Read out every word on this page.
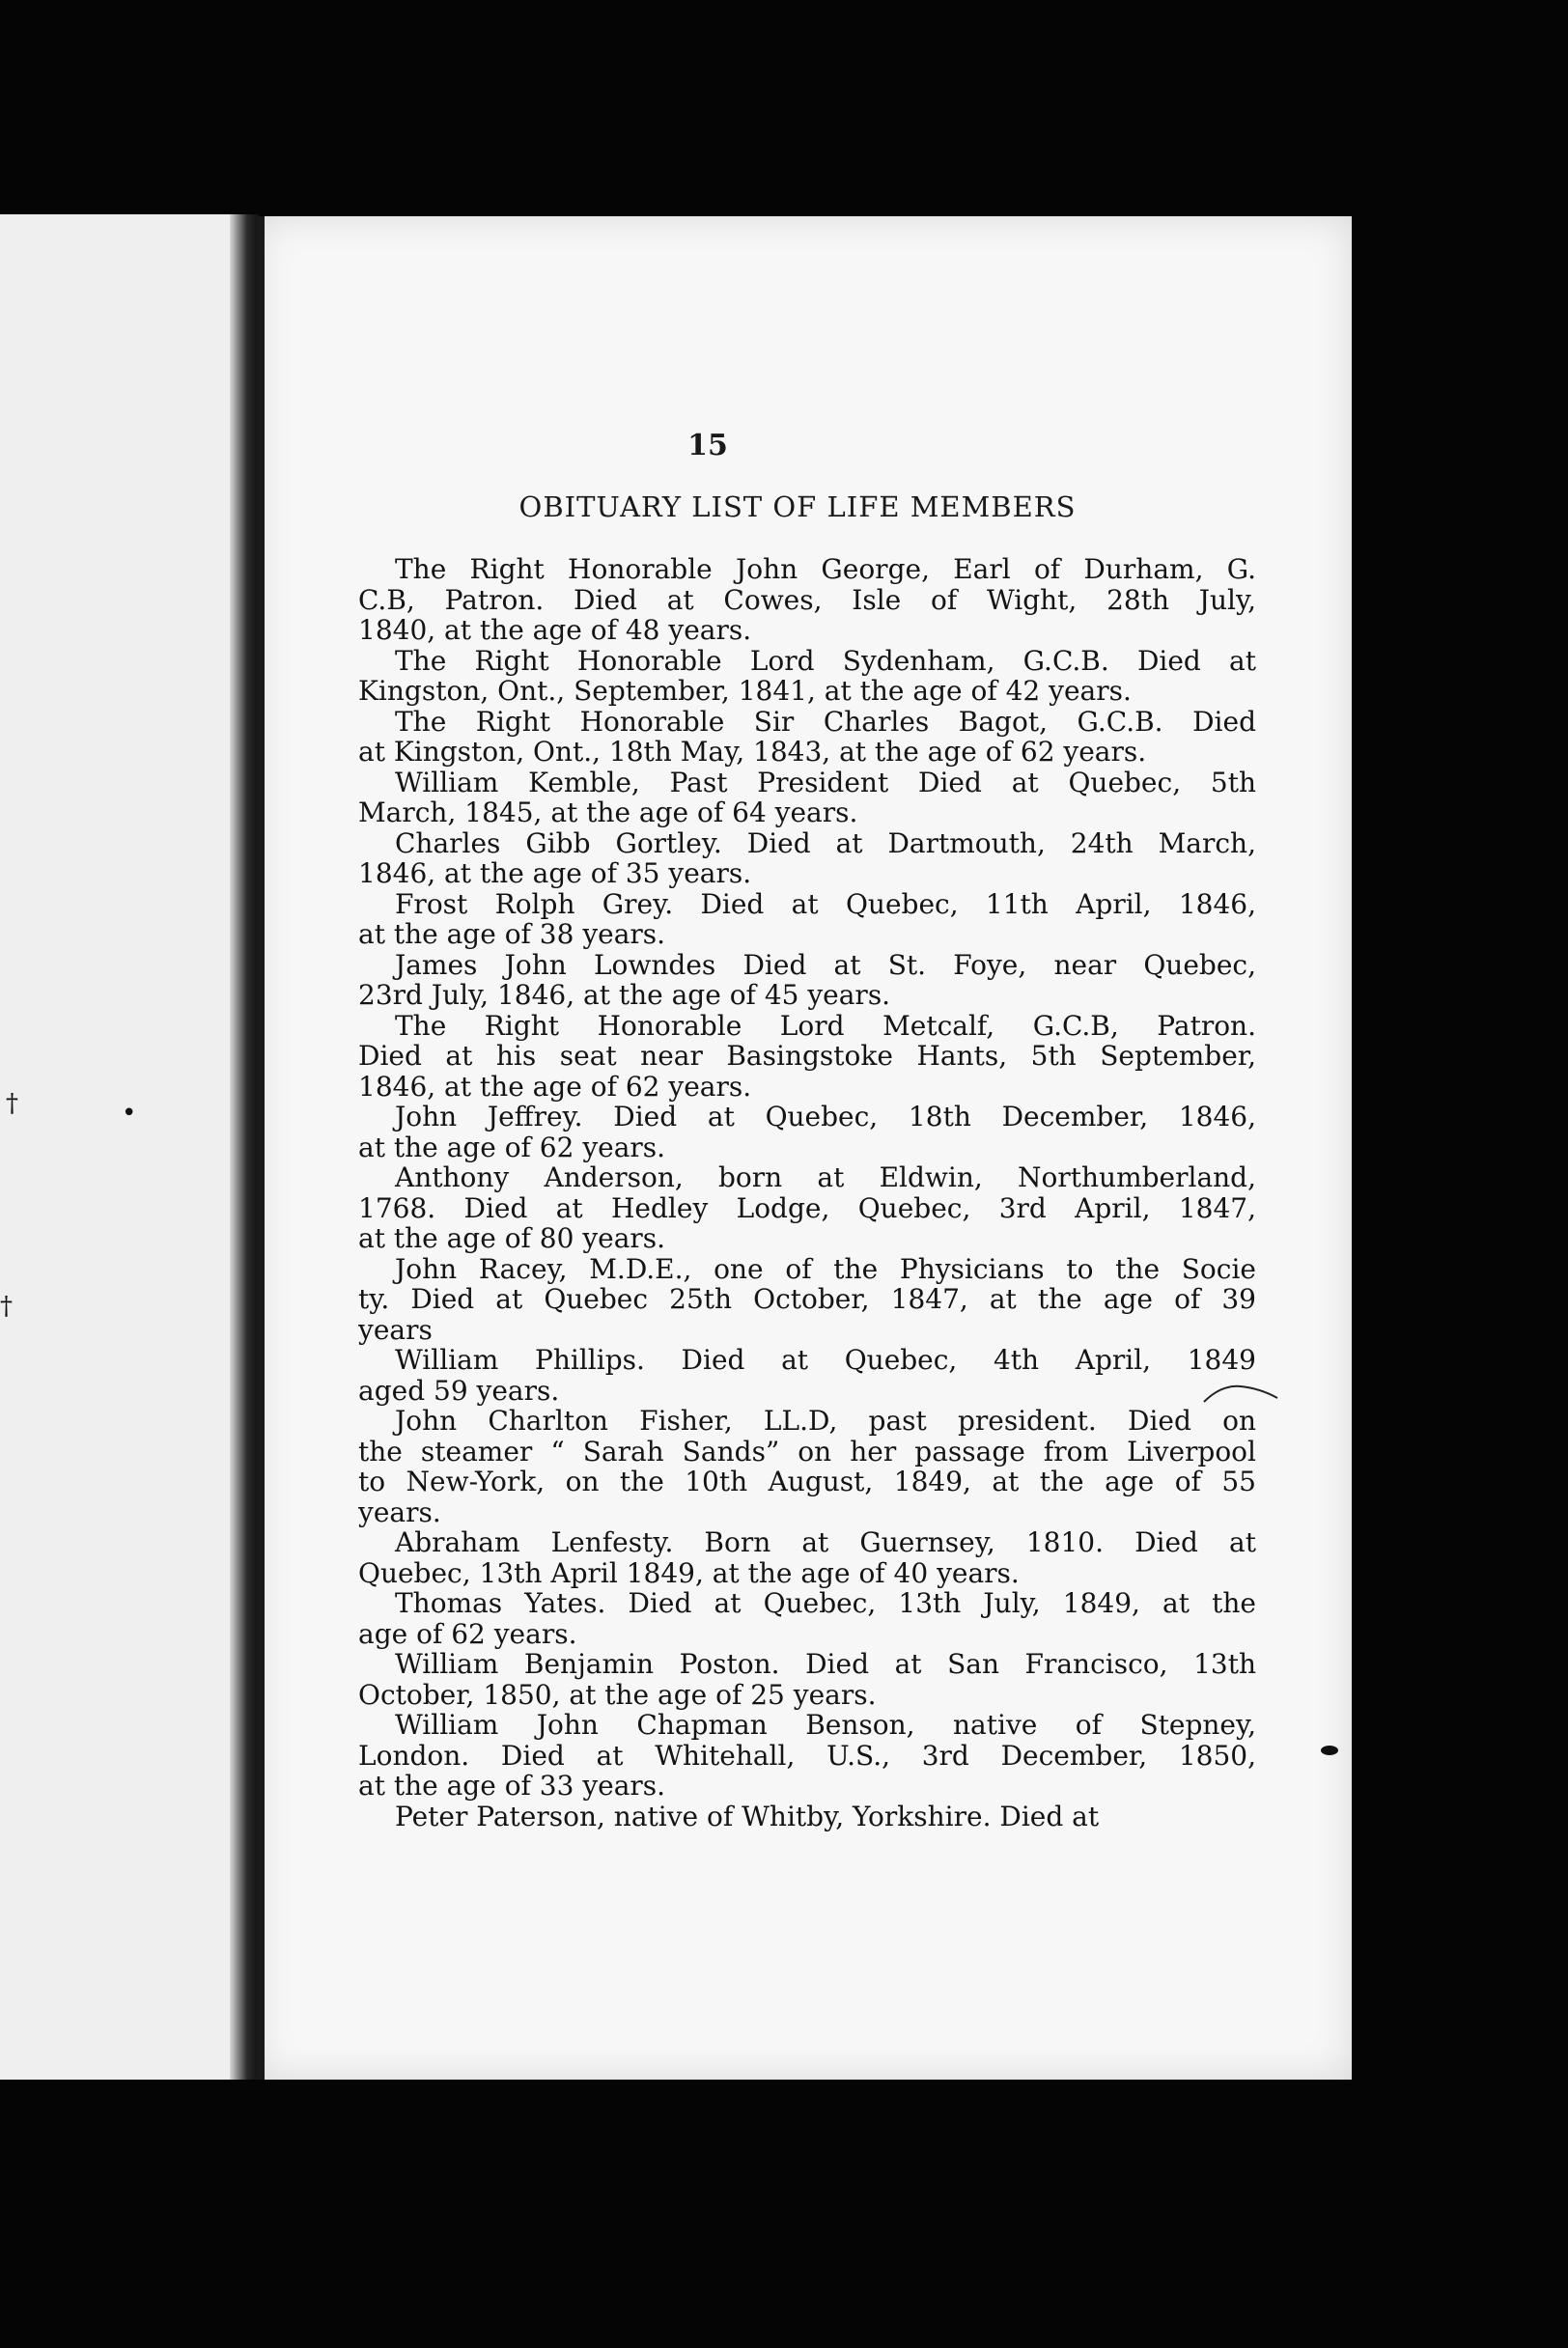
†	•
†
15
OBITUARY LIST OF LIFE MEMBERS
The Right Honorable John George, Earl of Durham, G.
C.B, Patron. Died at Cowes, Isle of Wight, 28th July,
1840, at the age of 48 years.
The Right Honorable Lord Sydenham, G.C.B. Died at
Kingston, Ont., September, 1841, at the age of 42 years.
The Right Honorable Sir Charles Bagot, G.C.B. Died
at Kingston, Ont., 18th May, 1843, at the age of 62 years.
William Kemble, Past President Died at Quebec, 5th
March, 1845, at the age of 64 years.
Charles Gibb Gortley. Died at Dartmouth, 24th March,
1846, at the age of 35 years.
Frost Rolph Grey. Died at Quebec, 11th April, 1846,
at the age of 38 years.
James John Lowndes Died at St. Foye, near Quebec,
23rd July, 1846, at the age of 45 years.
The Right Honorable Lord Metcalf, G.C.B, Patron.
Died at his seat near Basingstoke Hants, 5th September,
1846, at the age of 62 years.
John Jeffrey. Died at Quebec, 18th December, 1846,
at the age of 62 years.
Anthony Anderson, born at Eldwin, Northumberland,
1768. Died at Hedley Lodge, Quebec, 3rd April, 1847,
at the age of 80 years.
John Racey, M.D.E., one of the Physicians to the Socie
ty. Died at Quebec 25th October, 1847, at the age of 39
years
William Phillips. Died at Quebec, 4th April, 1849
aged 59 years.
John Charlton Fisher, LL.D, past president. Died on
the steamer “ Sarah Sands” on her passage from Liverpool
to New-York, on the 10th August, 1849, at the age of 55
years.
Abraham Lenfesty. Born at Guernsey, 1810. Died at
Quebec, 13th April 1849, at the age of 40 years.
Thomas Yates. Died at Quebec, 13th July, 1849, at the
age of 62 years.
William Benjamin Poston. Died at San Francisco, 13th
October, 1850, at the age of 25 years.
William John Chapman Benson, native of Stepney,
London. Died at Whitehall, U.S., 3rd December, 1850,
at the age of 33 years.
Peter Paterson, native of Whitby, Yorkshire. Died at
